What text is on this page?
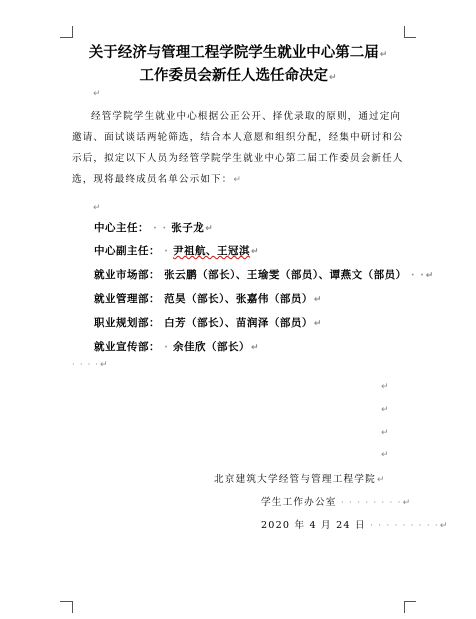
关于经济与管理工程学院学生就业中心第二届↵
工作委员会新任人选任命决定↵
↵
经管学院学生就业中心根据公正公开、择优录取的原则，通过定向邀请、面试谈话两轮筛选，结合本人意愿和组织分配，经集中研讨和公示后，拟定以下人员为经管学院学生就业中心第二届工作委员会新任人选，现将最终成员名单公示如下：↵
↵
中心主任： · · 张子龙↵
中心副主任： · 尹祖航、王冠淇↵
就业市场部： 张云鹏（部长）、王瑜雯（部员）、谭燕文（部员） · ·↵
就业管理部： 范昊（部长）、张嘉伟（部员）↵
职业规划部： 白芳（部长）、苗润泽（部员）↵
就业宣传部： · 余佳欣（部长）↵
· · · ·↵
↵
↵
↵
↵
北京建筑大学经管与管理工程学院↵
学生工作办公室 · · · · · · · ·↵
2020 年 4 月 24 日 · · · · · · · · ·↵
